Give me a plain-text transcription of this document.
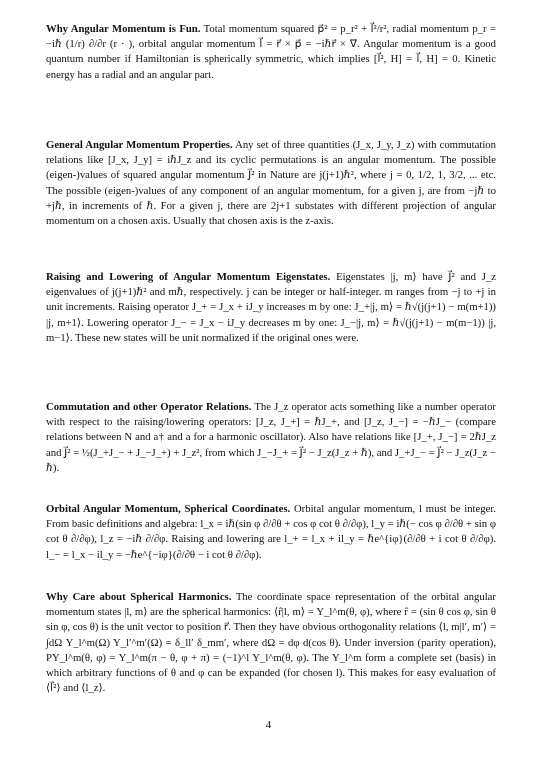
Why Angular Momentum is Fun. Total momentum squared p⃗² = p_r² + l⃗²/r², radial momentum p_r = −iℏ (1/r) ∂/∂r (r · ), orbital angular momentum l⃗ = r⃗ × p⃗ = −iℏr⃗ × ∇⃗. Angular momentum is a good quantum number if Hamiltonian is spherically symmetric, which implies [l⃗², H] = l⃗, H] = 0. Kinetic energy has a radial and an angular part.

General Angular Momentum Properties. Any set of three quantities (J_x, J_y, J_z) with commutation relations like [J_x, J_y] = iℏJ_z and its cyclic permutations is an angular momentum. The possible (eigen-)values of squared angular momentum J⃗² in Nature are j(j+1)ℏ², where j = 0, 1/2, 1, 3/2, ... etc. The possible (eigen-)values of any component of an angular momentum, for a given j, are from −jℏ to +jℏ, in increments of ℏ. For a given j, there are 2j+1 substates with different projection of angular momentum on a chosen axis. Usually that chosen axis is the z-axis.

Raising and Lowering of Angular Momentum Eigenstates. Eigenstates |j, m⟩ have J⃗² and J_z eigenvalues of j(j+1)ℏ² and mℏ, respectively. j can be integer or half-integer. m ranges from −j to +j in unit increments. Raising operator J_+ = J_x + iJ_y increases m by one: J_+|j, m⟩ = ℏ√(j(j+1) − m(m+1)) |j, m+1⟩. Lowering operator J_− = J_x − iJ_y decreases m by one: J_−|j, m⟩ = ℏ√(j(j+1) − m(m−1)) |j, m−1⟩. These new states will be unit normalized if the original ones were.

Commutation and other Operator Relations. The J_z operator acts something like a number operator with respect to the raising/lowering operators: [J_z, J_+] = ℏJ_+, and [J_z, J_−] = −ℏJ_− (compare relations between N and a† and a for a harmonic oscillator). Also have relations like [J_+, J_−] = 2ℏJ_z and J⃗² = ½(J_+J_− + J_−J_+) + J_z², from which J_−J_+ = J⃗² − J_z(J_z + ℏ), and J_+J_− = J⃗² − J_z(J_z − ℏ).

Orbital Angular Momentum, Spherical Coordinates. Orbital angular momentum, l must be integer. From basic definitions and algebra: l_x = iℏ(sin φ ∂/∂θ + cos φ cot θ ∂/∂φ), l_y = iℏ(− cos φ ∂/∂θ + sin φ cot θ ∂/∂φ), l_z = −iℏ ∂/∂φ. Raising and lowering are l_+ = l_x + il_y = ℏe^{iφ}(∂/∂θ + i cot θ ∂/∂φ). l_− = l_x − il_y = −ℏe^{−iφ}(∂/∂θ − i cot θ ∂/∂φ).

Why Care about Spherical Harmonics. The coordinate space representation of the orbital angular momentum states |l, m⟩ are the spherical harmonics: ⟨r̂|l, m⟩ = Y_l^m(θ, φ), where r̂ = (sin θ cos φ, sin θ sin φ, cos θ) is the unit vector to position r⃗. Then they have obvious orthogonality relations ⟨l, m|l′, m′⟩ = ∫dΩ Y_l^m(Ω) Y_l′^m′(Ω) = δ_ll′ δ_mm′, where dΩ = dφ d(cos θ). Under inversion (parity operation), PY_l^m(θ, φ) = Y_l^m(π − θ, φ + π) = (−1)^l Y_l^m(θ, φ). The Y_l^m form a complete set (basis) in which arbitrary functions of θ and φ can be expanded (for chosen l). This makes for easy evaluation of ⟨l⃗²⟩ and ⟨l_z⟩.

4
